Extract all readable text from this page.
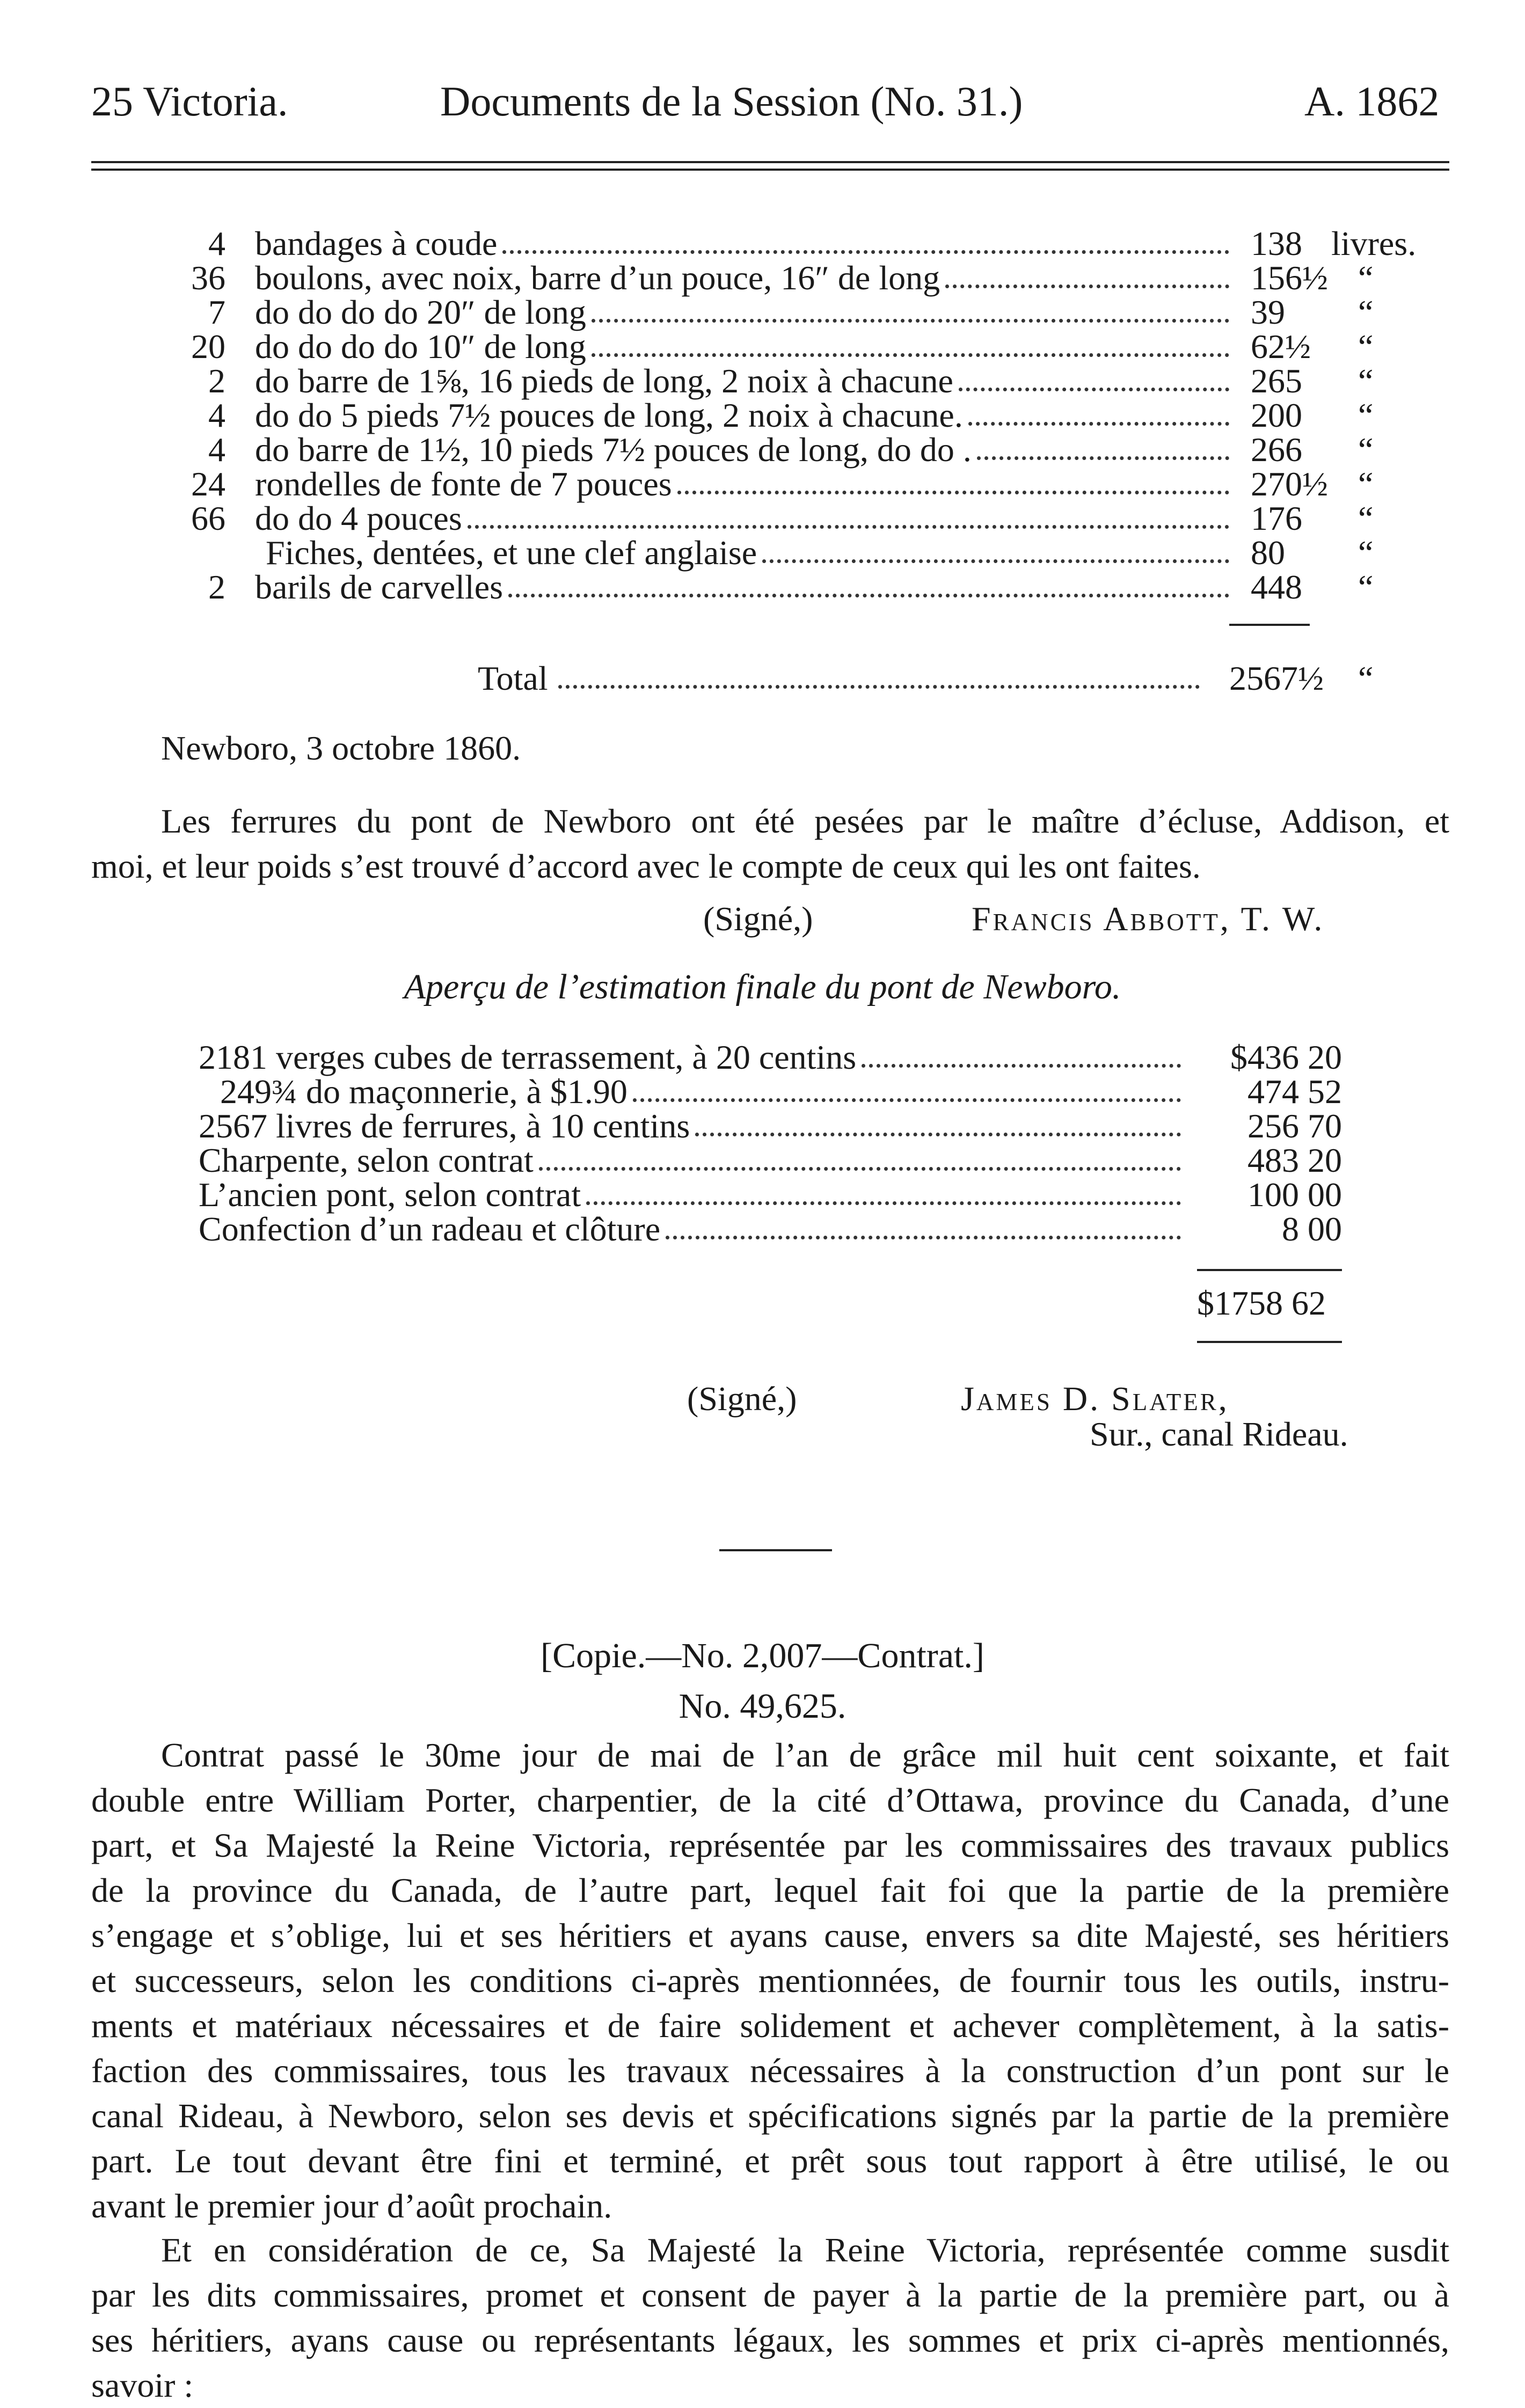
25 Victoria.	Documents de la Session (No. 31.)	A. 1862
4 bandages à coude	138 livres.
36 boulons, avec noix, barre d’un pouce, 16″ de long	156½ “
7 do do do do 20″ de long	39 “
20 do do do do 10″ de long	62½ “
2 do barre de 1⅝, 16 pieds de long, 2 noix à chacune	265 “
4 do do 5 pieds 7½ pouces de long, 2 noix à chacune.	200 “
4 do barre de 1½, 10 pieds 7½ pouces de long, do do .	266 “
24 rondelles de fonte de 7 pouces	270½ “
66 do do 4 pouces	176 “
Fiches, dentées, et une clef anglaise	80 “
2 barils de carvelles	448 “
Total	2567½ “
Newboro, 3 octobre 1860.
Les ferrures du pont de Newboro ont été pesées par le maître d’écluse, Addison, et
moi, et leur poids s’est trouvé d’accord avec le compte de ceux qui les ont faites.
(Signé,)	Francis Abbott, T. W.
Aperçu de l’estimation finale du pont de Newboro.
2181 verges cubes de terrassement, à 20 centins	$436 20
249¾ do maçonnerie, à $1.90	474 52
2567 livres de ferrures, à 10 centins	256 70
Charpente, selon contrat	483 20
L’ancien pont, selon contrat	100 00
Confection d’un radeau et clôture	8 00
$1758 62
(Signé,)	James D. Slater,
Sur., canal Rideau.
[Copie.—No. 2,007—Contrat.]
No. 49,625.
Contrat passé le 30me jour de mai de l’an de grâce mil huit cent soixante, et fait
double entre William Porter, charpentier, de la cité d’Ottawa, province du Canada, d’une
part, et Sa Majesté la Reine Victoria, représentée par les commissaires des travaux publics
de la province du Canada, de l’autre part, lequel fait foi que la partie de la première
s’engage et s’oblige, lui et ses héritiers et ayans cause, envers sa dite Majesté, ses héritiers
et successeurs, selon les conditions ci-après mentionnées, de fournir tous les outils, instru-
ments et matériaux nécessaires et de faire solidement et achever complètement, à la satis-
faction des commissaires, tous les travaux nécessaires à la construction d’un pont sur le
canal Rideau, à Newboro, selon ses devis et spécifications signés par la partie de la première
part. Le tout devant être fini et terminé, et prêt sous tout rapport à être utilisé, le ou
avant le premier jour d’août prochain.
Et en considération de ce, Sa Majesté la Reine Victoria, représentée comme susdit
par les dits commissaires, promet et consent de payer à la partie de la première part, ou à
ses héritiers, ayans cause ou représentants légaux, les sommes et prix ci-après mentionnés,
savoir :
